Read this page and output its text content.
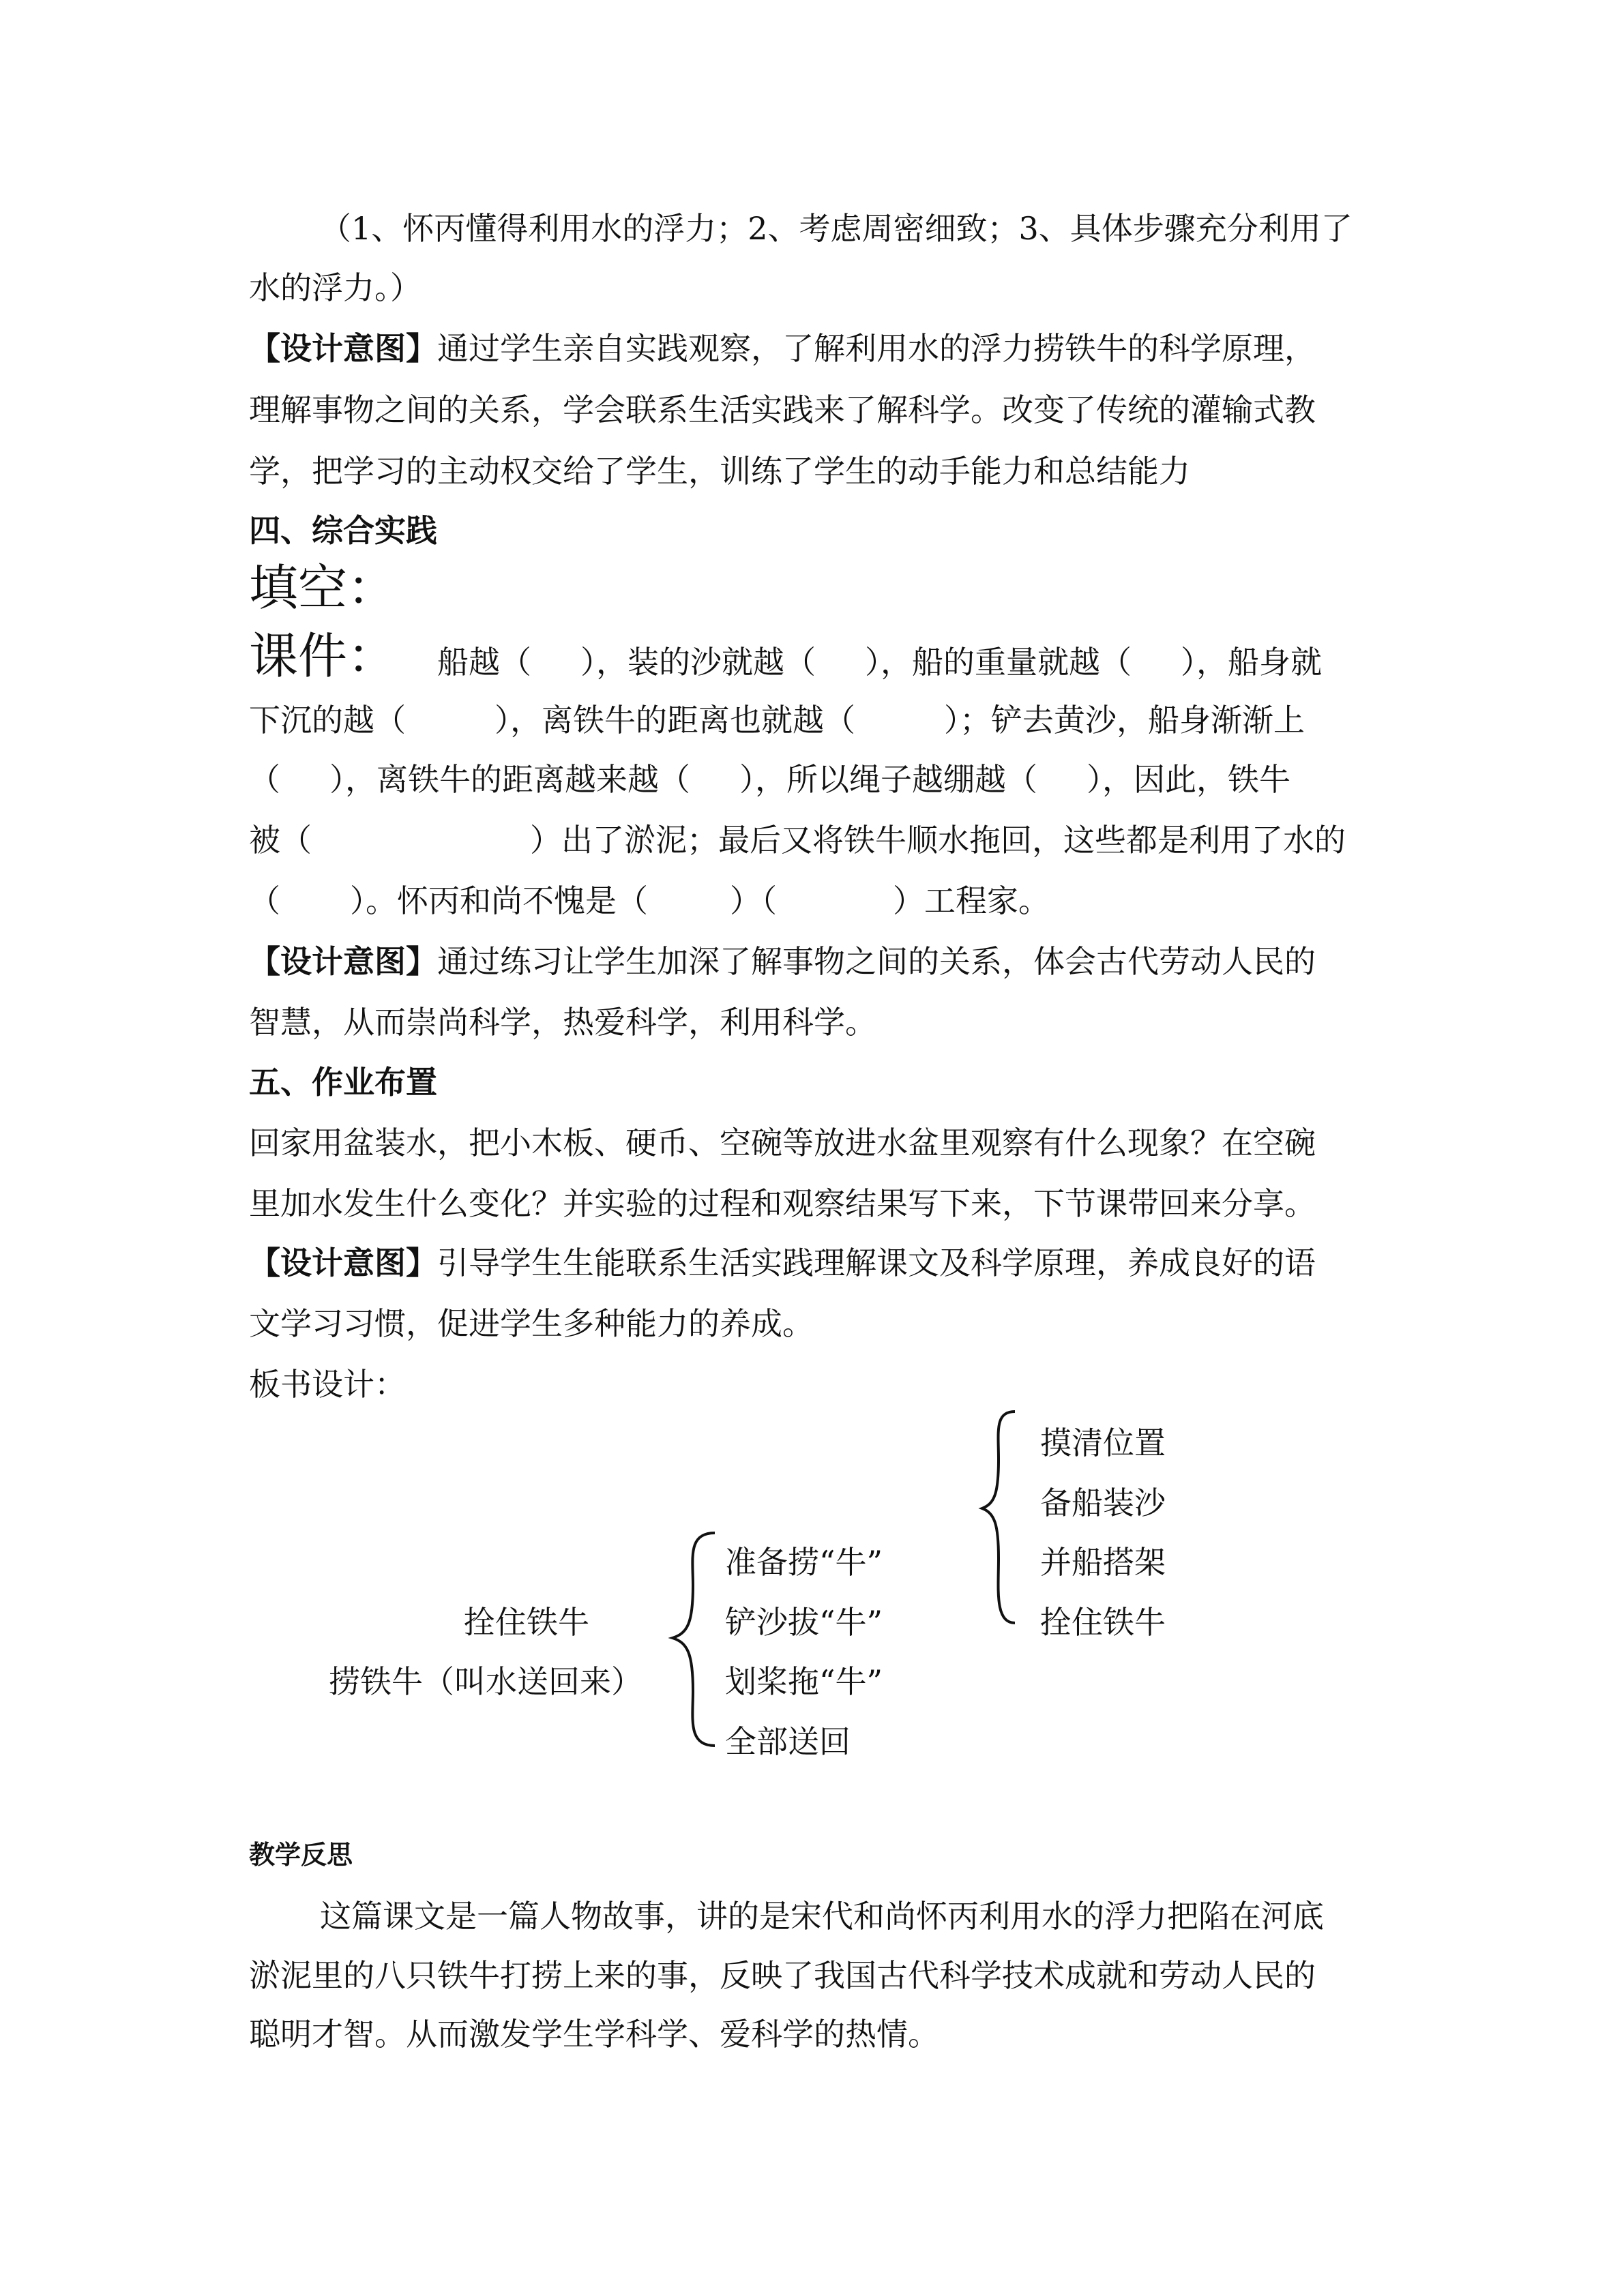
（1、怀丙懂得利用水的浮力；2、考虑周密细致；3、具体步骤充分利用了
水的浮力。）
【设计意图】通过学生亲自实践观察，了解利用水的浮力捞铁牛的科学原理，
理解事物之间的关系，学会联系生活实践来了解科学。改变了传统的灌输式教
学，把学习的主动权交给了学生，训练了学生的动手能力和总结能力
四、综合实践
填空：
课件： 船越（ ），装的沙就越（ ），船的重量就越（ ），船身就
下沉的越（	），离铁牛的距离也就越（	）；铲去黄沙，船身渐渐上
（ ），离铁牛的距离越来越（ ），所以绳子越绷越（ ），因此，铁牛
被（	）出了淤泥；最后又将铁牛顺水拖回，这些都是利用了水的
（ ）。怀丙和尚不愧是（	）（	）工程家。
【设计意图】通过练习让学生加深了解事物之间的关系，体会古代劳动人民的
智慧，从而崇尚科学，热爱科学，利用科学。
五、作业布置
回家用盆装水，把小木板、硬币、空碗等放进水盆里观察有什么现象？在空碗
里加水发生什么变化？并实验的过程和观察结果写下来，下节课带回来分享。
【设计意图】引导学生生能联系生活实践理解课文及科学原理，养成良好的语
文学习习惯，促进学生多种能力的养成。
板书设计：
摸清位置
备船装沙
并船搭架
拴住铁牛
准备捞“牛”
铲沙拔“牛”
划桨拖“牛”
全部送回
拴住铁牛
捞铁牛（叫水送回来）
教学反思
这篇课文是一篇人物故事，讲的是宋代和尚怀丙利用水的浮力把陷在河底
淤泥里的八只铁牛打捞上来的事，反映了我国古代科学技术成就和劳动人民的
聪明才智。从而激发学生学科学、爱科学的热情。
